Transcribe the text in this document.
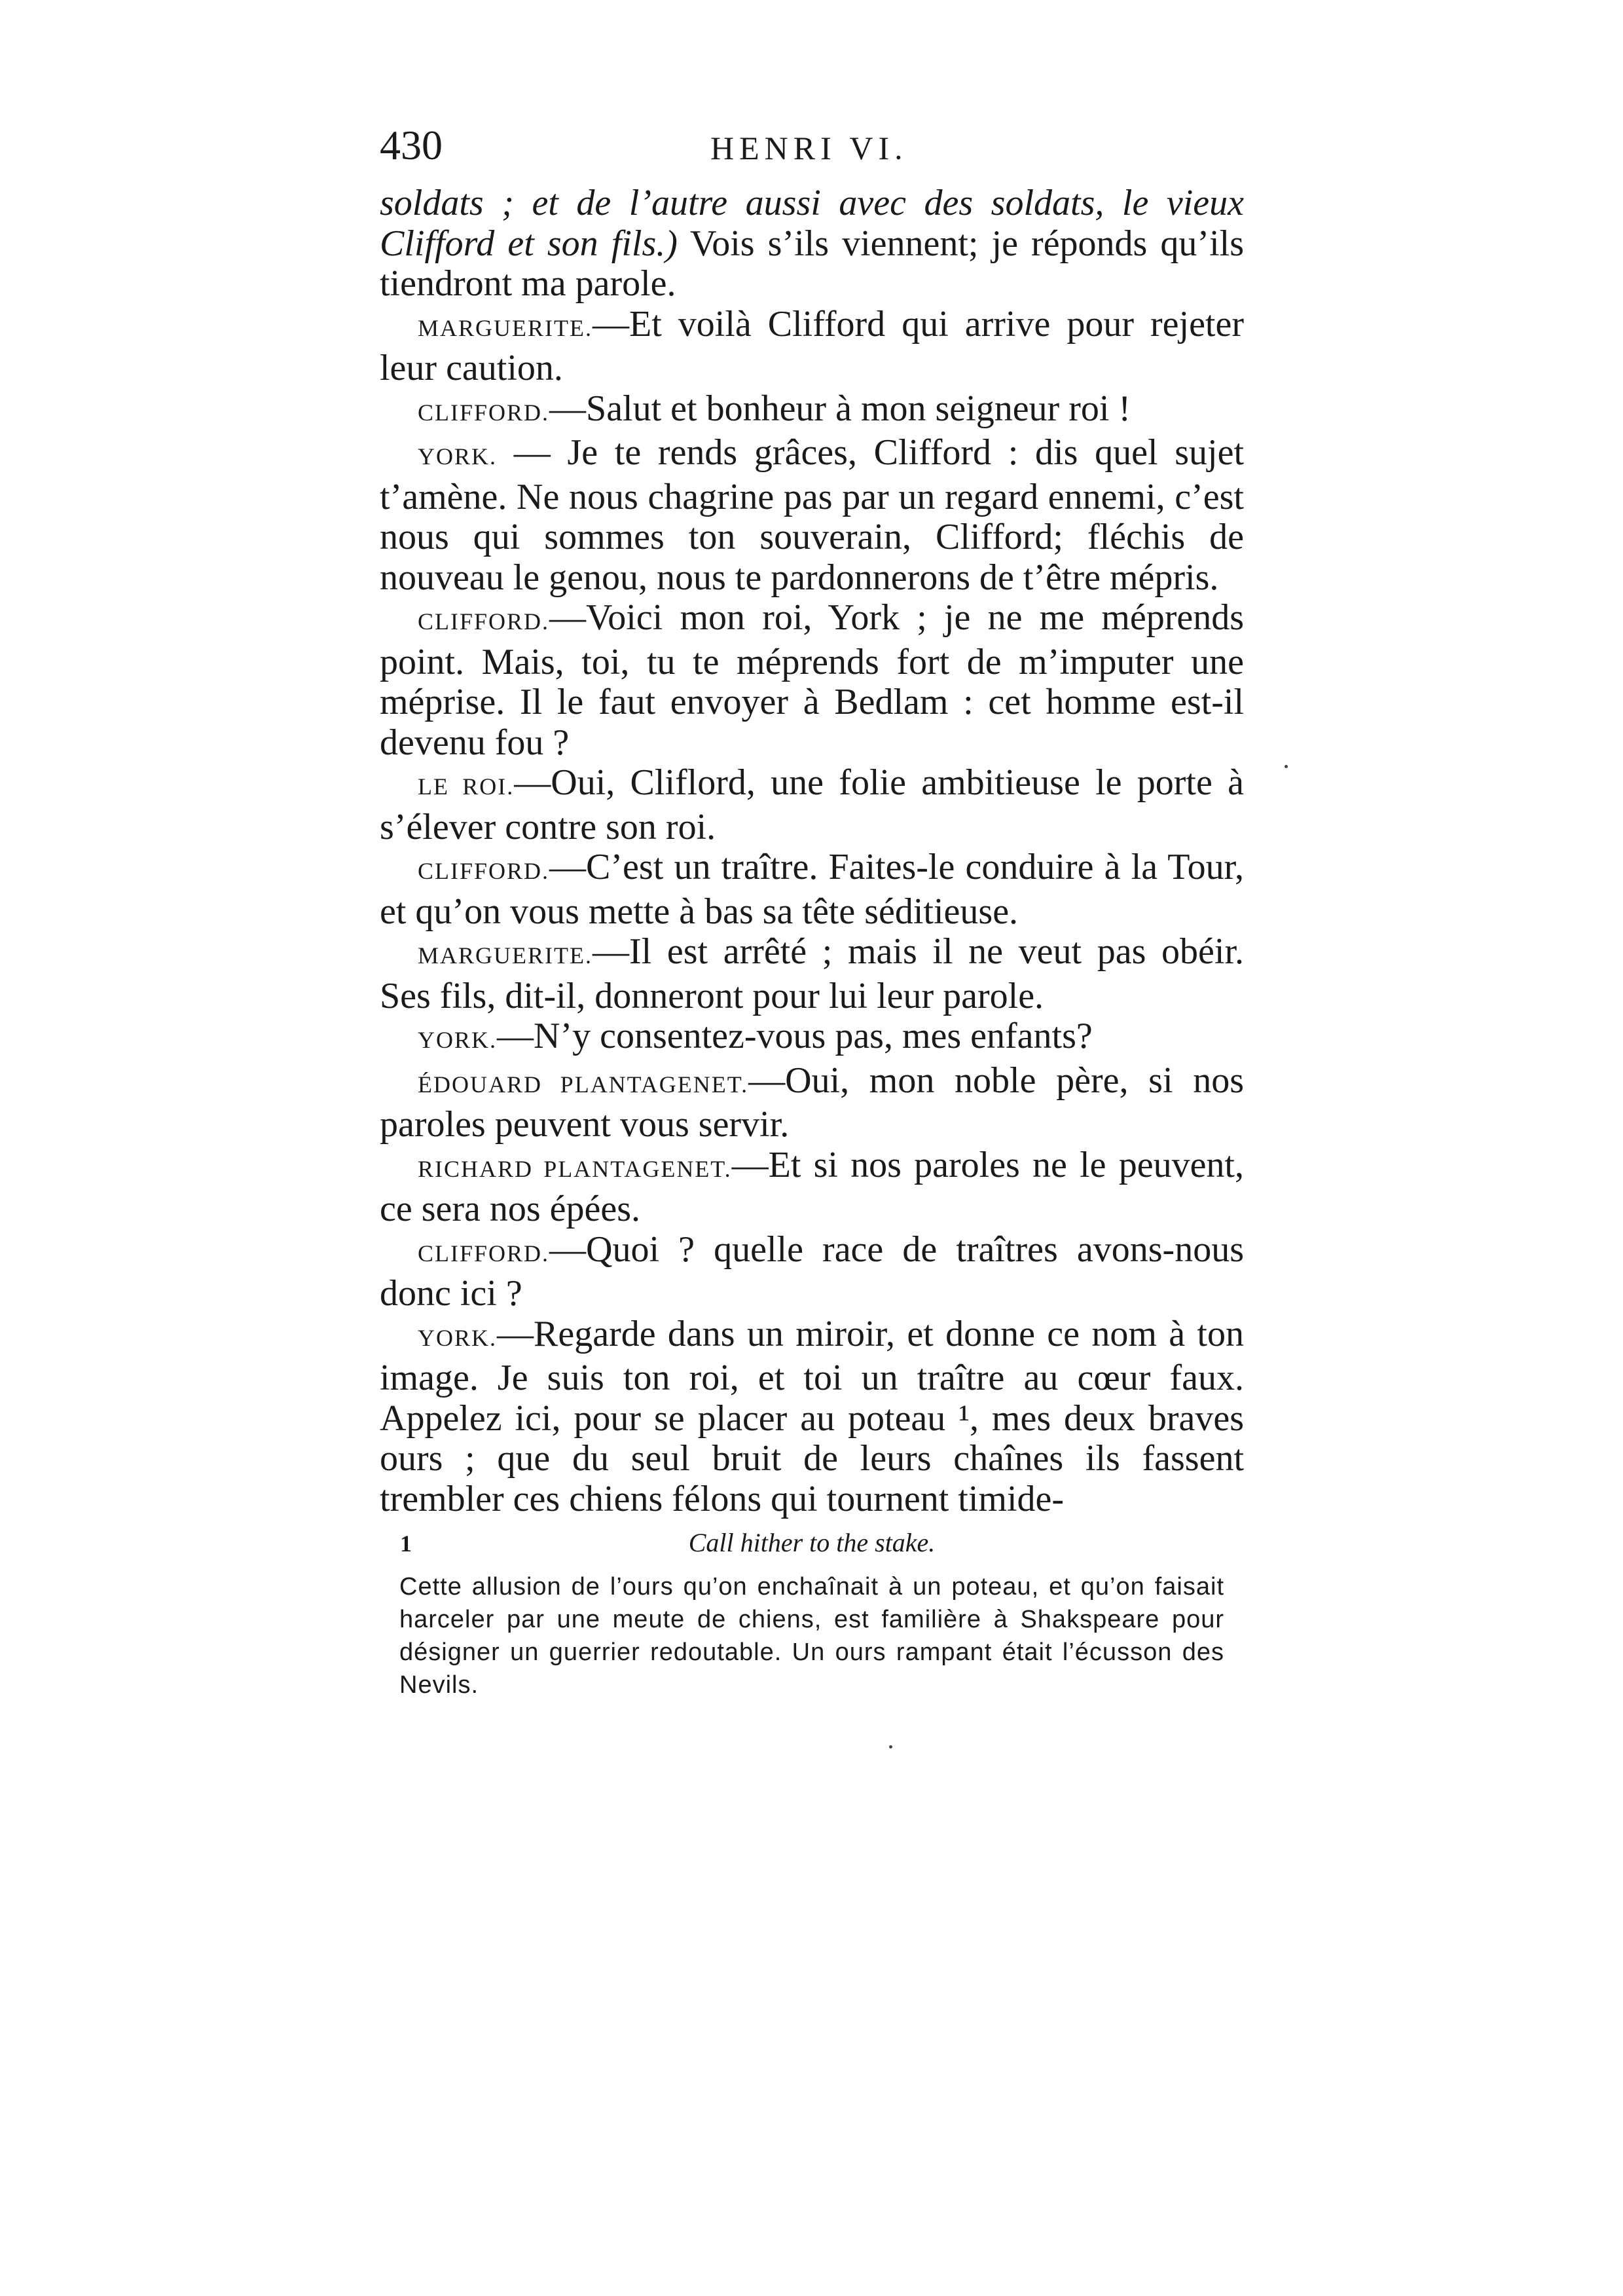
430	HENRI VI.

soldats ; et de l’autre aussi avec des soldats, le vieux Clifford et son fils.) Vois s’ils viennent; je réponds qu’ils tiendront ma parole.

MARGUERITE.—Et voilà Clifford qui arrive pour rejeter leur caution.

CLIFFORD.—Salut et bonheur à mon seigneur roi !

YORK. — Je te rends grâces, Clifford : dis quel sujet t’amène. Ne nous chagrine pas par un regard ennemi, c’est nous qui sommes ton souverain, Clifford; fléchis de nouveau le genou, nous te pardonnerons de t’être mépris.

CLIFFORD.—Voici mon roi, York ; je ne me méprends point. Mais, toi, tu te méprends fort de m’imputer une méprise. Il le faut envoyer à Bedlam : cet homme est-il devenu fou ?

LE ROI.—Oui, Cliflord, une folie ambitieuse le porte à s’élever contre son roi.

CLIFFORD.—C’est un traître. Faites-le conduire à la Tour, et qu’on vous mette à bas sa tête séditieuse.

MARGUERITE.—Il est arrêté ; mais il ne veut pas obéir. Ses fils, dit-il, donneront pour lui leur parole.

YORK.—N’y consentez-vous pas, mes enfants?

ÉDOUARD PLANTAGENET.—Oui, mon noble père, si nos paroles peuvent vous servir.

RICHARD PLANTAGENET.—Et si nos paroles ne le peuvent, ce sera nos épées.

CLIFFORD.—Quoi ? quelle race de traîtres avons-nous donc ici ?

YORK.—Regarde dans un miroir, et donne ce nom à ton image. Je suis ton roi, et toi un traître au cœur faux. Appelez ici, pour se placer au poteau ¹, mes deux braves ours ; que du seul bruit de leurs chaînes ils fassent trembler ces chiens félons qui tournent timide-

1	Call hither to the stake.

Cette allusion de l’ours qu’on enchaînait à un poteau, et qu’on faisait harceler par une meute de chiens, est familière à Shakspeare pour désigner un guerrier redoutable. Un ours rampant était l’écusson des Nevils.
